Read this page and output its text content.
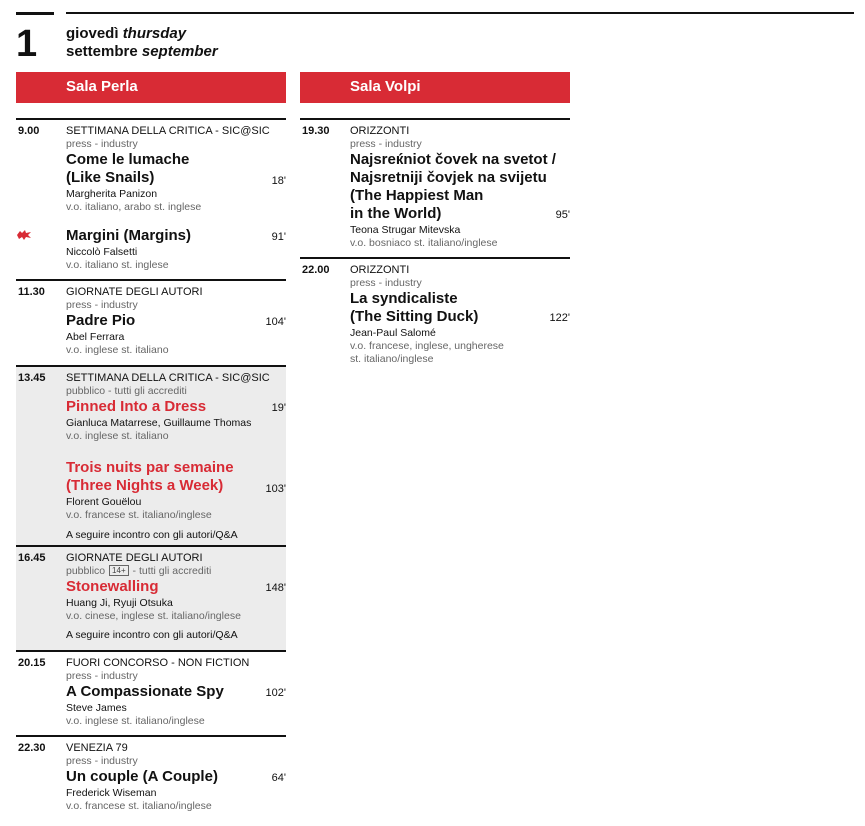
1 giovedì thursday
settembre september
Sala Perla	Sala Volpi
9.00 SETTIMANA DELLA CRITICA - SIC@SIC
press - industry
Come le lumache
(Like Snails)	18'
Margherita Panizon
v.o. italiano, arabo st. inglese
Margini (Margins)	91'
Niccolò Falsetti
v.o. italiano st. inglese
11.30 GIORNATE DEGLI AUTORI
press - industry
Padre Pio	104'
Abel Ferrara
v.o. inglese st. italiano
13.45 SETTIMANA DELLA CRITICA - SIC@SIC
pubblico - tutti gli accrediti
Pinned Into a Dress	19'
Gianluca Matarrese, Guillaume Thomas
v.o. inglese st. italiano
Trois nuits par semaine
(Three Nights a Week)	103'
Florent Gouëlou
v.o. francese st. italiano/inglese
A seguire incontro con gli autori/Q&A
16.45 GIORNATE DEGLI AUTORI
pubblico 14+ - tutti gli accrediti
Stonewalling	148'
Huang Ji, Ryuji Otsuka
v.o. cinese, inglese st. italiano/inglese
A seguire incontro con gli autori/Q&A
20.15 FUORI CONCORSO - NON FICTION
press - industry
A Compassionate Spy	102'
Steve James
v.o. inglese st. italiano/inglese
22.30 VENEZIA 79
press - industry
Un couple (A Couple)	64'
Frederick Wiseman
v.o. francese st. italiano/inglese
19.30 ORIZZONTI
press - industry
Najsreќniot čovek na svetot /
Najsretniji čovjek na svijetu
(The Happiest Man
in the World)	95'
Teona Strugar Mitevska
v.o. bosniaco st. italiano/inglese
22.00 ORIZZONTI
press - industry
La syndicaliste
(The Sitting Duck)	122'
Jean-Paul Salomé
v.o. francese, inglese, ungherese
st. italiano/inglese
